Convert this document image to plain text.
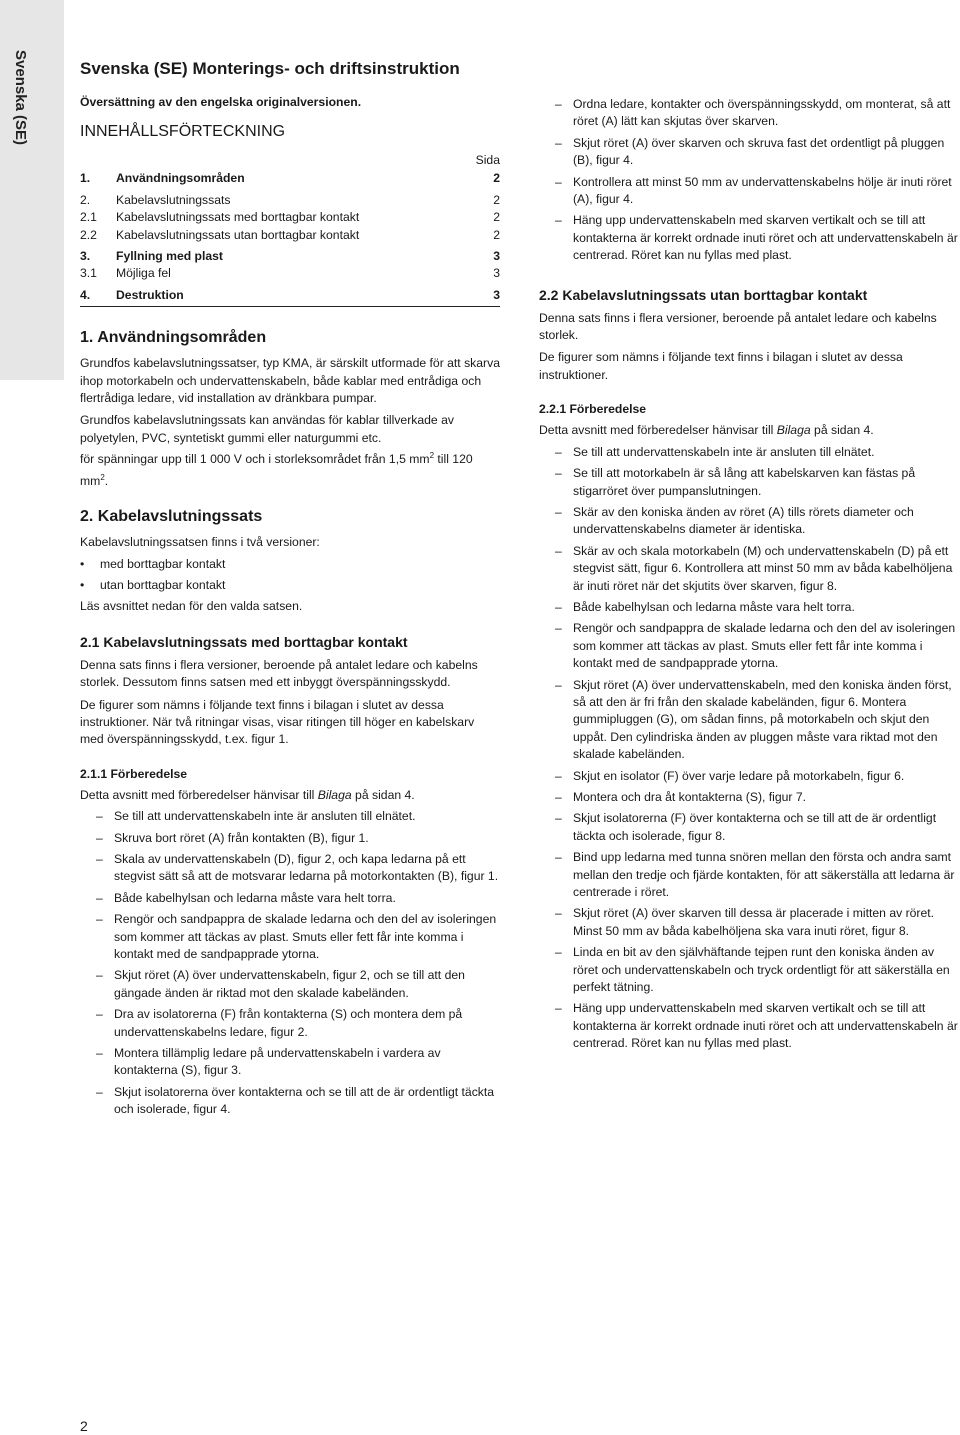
Svenska (SE)	Svenska (SE) Monterings- och driftsinstruktion

Översättning av den engelska originalversionen.

INNEHÅLLSFÖRTECKNING
Sida
1. Användningsområden	2
2. Kabelavslutningssats	2
2.1 Kabelavslutningssats med borttagbar kontakt	2
2.2 Kabelavslutningssats utan borttagbar kontakt	2
3. Fyllning med plast	3
3.1 Möjliga fel	3
4. Destruktion	3
1. Användningsområden

Grundfos kabelavslutningssatser, typ KMA, är särskilt utformade för att skarva ihop motorkabeln och undervattenskabeln, både kablar med entrådiga och flertrådiga ledare, vid installation av dränkbara pumpar.

Grundfos kabelavslutningssats kan användas för kablar tillverkade av polyetylen, PVC, syntetiskt gummi eller naturgummi etc.

för spänningar upp till 1 000 V och i storleksområdet från 1,5 $mm^2$ till 120 $mm^2$.

2. Kabelavslutningssats

Kabelavslutningssatsen finns i två versioner:

• med borttagbar kontakt
• utan borttagbar kontakt

Läs avsnittet nedan för den valda satsen.

2.1 Kabelavslutningssats med borttagbar kontakt

Denna sats finns i flera versioner, beroende på antalet ledare och kabelns storlek. Dessutom finns satsen med ett inbyggt överspänningsskydd.

De figurer som nämns i följande text finns i bilagan i slutet av dessa instruktioner. När två ritningar visas, visar ritingen till höger en kabelskarv med överspänningsskydd, t.ex. figur 1.

2.1.1 Förberedelse

Detta avsnitt med förberedelser hänvisar till Bilaga på sidan 4.

– Se till att undervattenskabeln inte är ansluten till elnätet.
– Skruva bort röret (A) från kontakten (B), figur 1.
– Skala av undervattenskabeln (D), figur 2, och kapa ledarna på ett stegvist sätt så att de motsvarar ledarna på motorkontakten (B), figur 1.
– Både kabelhylsan och ledarna måste vara helt torra.
– Rengör och sandpappra de skalade ledarna och den del av isoleringen som kommer att täckas av plast. Smuts eller fett får inte komma i kontakt med de sandpapprade ytorna.
– Skjut röret (A) över undervattenskabeln, figur 2, och se till att den gängade änden är riktad mot den skalade kabeländen.
– Dra av isolatorerna (F) från kontakterna (S) och montera dem på undervattenskabelns ledare, figur 2.
– Montera tillämplig ledare på undervattenskabeln i vardera av kontakterna (S), figur 3.
– Skjut isolatorerna över kontakterna och se till att de är ordentligt täckta och isolerade, figur 4.
– Ordna ledare, kontakter och överspänningsskydd, om monterat, så att röret (A) lätt kan skjutas över skarven.
– Skjut röret (A) över skarven och skruva fast det ordentligt på pluggen (B), figur 4.
– Kontrollera att minst 50 mm av undervattenskabelns hölje är inuti röret (A), figur 4.
– Häng upp undervattenskabeln med skarven vertikalt och se till att kontakterna är korrekt ordnade inuti röret och att undervattenskabeln är centrerad. Röret kan nu fyllas med plast.
2.2 Kabelavslutningssats utan borttagbar kontakt

Denna sats finns i flera versioner, beroende på antalet ledare och kabelns storlek.

De figurer som nämns i följande text finns i bilagan i slutet av dessa instruktioner.

2.2.1 Förberedelse

Detta avsnitt med förberedelser hänvisar till Bilaga på sidan 4.

– Se till att undervattenskabeln inte är ansluten till elnätet.
– Se till att motorkabeln är så lång att kabelskarven kan fästas på stigarröret över pumpanslutningen.
– Skär av den koniska änden av röret (A) tills rörets diameter och undervattenskabelns diameter är identiska.
– Skär av och skala motorkabeln (M) och undervattenskabeln (D) på ett stegvist sätt, figur 6. Kontrollera att minst 50 mm av båda kabelhöljena är inuti röret när det skjutits över skarven, figur 8.
– Både kabelhylsan och ledarna måste vara helt torra.
– Rengör och sandpappra de skalade ledarna och den del av isoleringen som kommer att täckas av plast. Smuts eller fett får inte komma i kontakt med de sandpapprade ytorna.
– Skjut röret (A) över undervattenskabeln, med den koniska änden först, så att den är fri från den skalade kabeländen, figur 6. Montera gummipluggen (G), om sådan finns, på motorkabeln och skjut den uppåt. Den cylindriska änden av pluggen måste vara riktad mot den skalade kabeländen.
– Skjut en isolator (F) över varje ledare på motorkabeln, figur 6.
– Montera och dra åt kontakterna (S), figur 7.
– Skjut isolatorerna (F) över kontakterna och se till att de är ordentligt täckta och isolerade, figur 8.
– Bind upp ledarna med tunna snören mellan den första och andra samt mellan den tredje och fjärde kontakten, för att säkerställa att ledarna är centrerade i röret.
– Skjut röret (A) över skarven till dessa är placerade i mitten av röret. Minst 50 mm av båda kabelhöljena ska vara inuti röret, figur 8.
– Linda en bit av den självhäftande tejpen runt den koniska änden av röret och undervattenskabeln och tryck ordentligt för att säkerställa en perfekt tätning.
– Häng upp undervattenskabeln med skarven vertikalt och se till att kontakterna är korrekt ordnade inuti röret och att undervattenskabeln är centrerad. Röret kan nu fyllas med plast.
2
